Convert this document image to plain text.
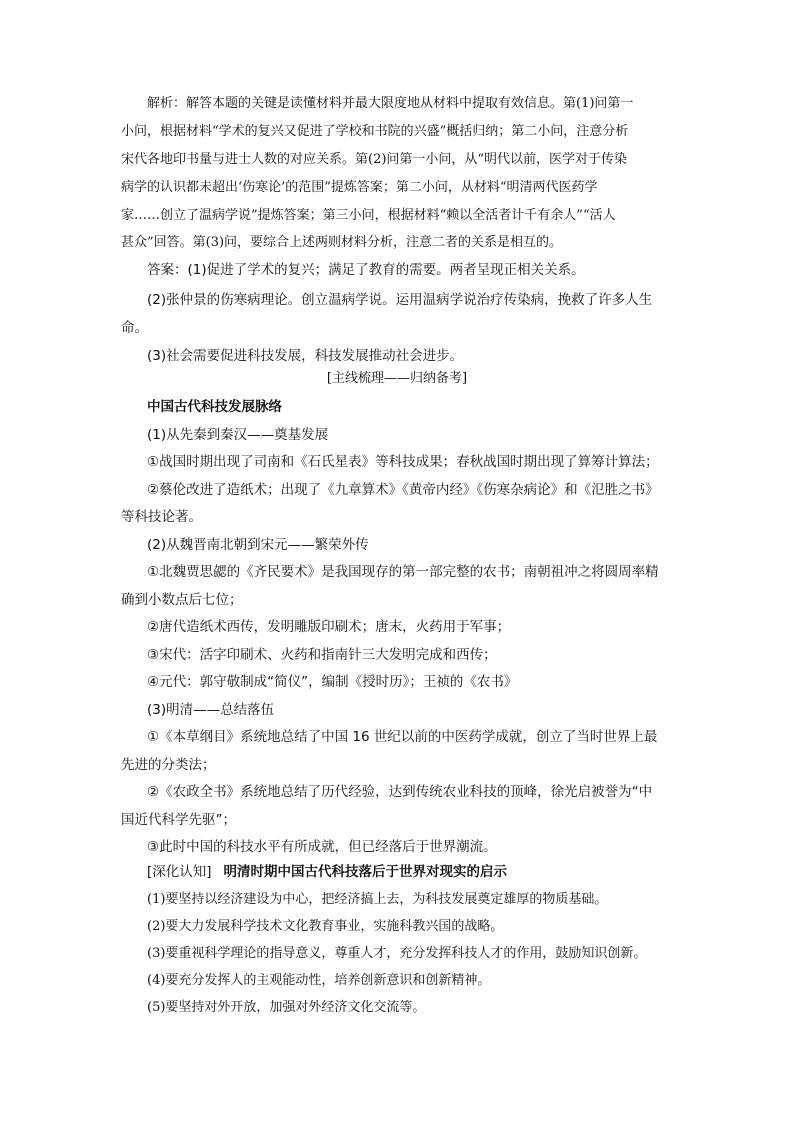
解析：解答本题的关键是读懂材料并最大限度地从材料中提取有效信息。第(1)问第一
小问，根据材料“学术的复兴又促进了学校和书院的兴盛”概括归纳；第二小问，注意分析
宋代各地印书量与进士人数的对应关系。第(2)问第一小问，从“明代以前，医学对于传染
病学的认识都未超出‘伤寒论’的范围”提炼答案；第二小问，从材料“明清两代医药学
家……创立了温病学说”提炼答案；第三小问，根据材料“赖以全活者计千有余人”“活人
甚众”回答。第(3)问，要综合上述两则材料分析，注意二者的关系是相互的。
答案：(1)促进了学术的复兴；满足了教育的需要。两者呈现正相关关系。
(2)张仲景的伤寒病理论。创立温病学说。运用温病学说治疗传染病，挽救了许多人生
命。
(3)社会需要促进科技发展，科技发展推动社会进步。
[主线梳理——归纳备考]
中国古代科技发展脉络
(1)从先秦到秦汉——奠基发展
①战国时期出现了司南和《石氏星表》等科技成果；春秋战国时期出现了算筹计算法；
②蔡伦改进了造纸术；出现了《九章算术》《黄帝内经》《伤寒杂病论》和《氾胜之书》
等科技论著。
(2)从魏晋南北朝到宋元——繁荣外传
①北魏贾思勰的《齐民要术》是我国现存的第一部完整的农书；南朝祖冲之将圆周率精
确到小数点后七位；
②唐代造纸术西传，发明雕版印刷术；唐末，火药用于军事；
③宋代：活字印刷术、火药和指南针三大发明完成和西传；
④元代：郭守敬制成“简仪”，编制《授时历》；王祯的《农书》
(3)明清——总结落伍
①《本草纲目》系统地总结了中国 16 世纪以前的中医药学成就，创立了当时世界上最
先进的分类法；
②《农政全书》系统地总结了历代经验，达到传统农业科技的顶峰，徐光启被誉为“中
国近代科学先驱”；
③此时中国的科技水平有所成就，但已经落后于世界潮流。
[深化认知] 明清时期中国古代科技落后于世界对现实的启示
(1)要坚持以经济建设为中心，把经济搞上去，为科技发展奠定雄厚的物质基础。
(2)要大力发展科学技术文化教育事业，实施科教兴国的战略。
(3)要重视科学理论的指导意义，尊重人才，充分发挥科技人才的作用，鼓励知识创新。
(4)要充分发挥人的主观能动性，培养创新意识和创新精神。
(5)要坚持对外开放，加强对外经济文化交流等。
